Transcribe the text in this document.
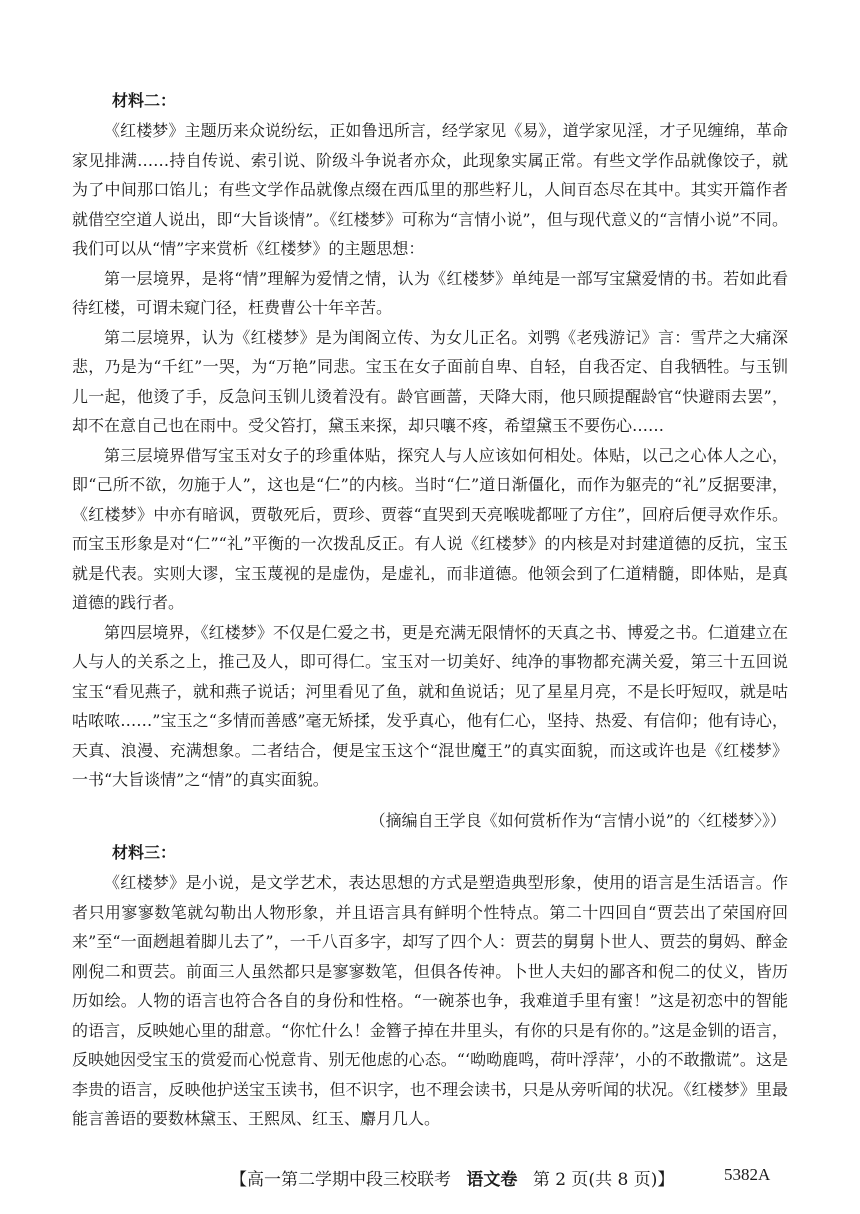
材料二：

《红楼梦》主题历来众说纷纭，正如鲁迅所言，经学家见《易》，道学家见淫，才子见缠绵，革命家见排满……持自传说、索引说、阶级斗争说者亦众，此现象实属正常。有些文学作品就像饺子，就为了中间那口馅儿；有些文学作品就像点缀在西瓜里的那些籽儿，人间百态尽在其中。其实开篇作者就借空空道人说出，即“大旨谈情”。《红楼梦》可称为“言情小说”，但与现代意义的“言情小说”不同。我们可以从“情”字来赏析《红楼梦》的主题思想：

第一层境界，是将“情”理解为爱情之情，认为《红楼梦》单纯是一部写宝黛爱情的书。若如此看待红楼，可谓未窥门径，枉费曹公十年辛苦。

第二层境界，认为《红楼梦》是为闺阁立传、为女儿正名。刘鹗《老残游记》言：雪芹之大痛深悲，乃是为“千红”一哭，为“万艳”同悲。宝玉在女子面前自卑、自轻，自我否定、自我牺牲。与玉钏儿一起，他烫了手，反急问玉钏儿烫着没有。龄官画蔷，天降大雨，他只顾提醒龄官“快避雨去罢”，却不在意自己也在雨中。受父笞打，黛玉来探，却只嚷不疼，希望黛玉不要伤心……

第三层境界借写宝玉对女子的珍重体贴，探究人与人应该如何相处。体贴，以己之心体人之心，即“己所不欲，勿施于人”，这也是“仁”的内核。当时“仁”道日渐僵化，而作为躯壳的“礼”反据要津，《红楼梦》中亦有暗讽，贾敬死后，贾珍、贾蓉“直哭到天亮喉咙都哑了方住”，回府后便寻欢作乐。而宝玉形象是对“仁”“礼”平衡的一次拨乱反正。有人说《红楼梦》的内核是对封建道德的反抗，宝玉就是代表。实则大谬，宝玉蔑视的是虚伪，是虚礼，而非道德。他领会到了仁道精髓，即体贴，是真道德的践行者。

第四层境界，《红楼梦》不仅是仁爱之书，更是充满无限情怀的天真之书、博爱之书。仁道建立在人与人的关系之上，推己及人，即可得仁。宝玉对一切美好、纯净的事物都充满关爱，第三十五回说宝玉“看见燕子，就和燕子说话；河里看见了鱼，就和鱼说话；见了星星月亮，不是长吁短叹，就是咕咕哝哝……”宝玉之“多情而善感”毫无矫揉，发乎真心，他有仁心，坚持、热爱、有信仰；他有诗心，天真、浪漫、充满想象。二者结合，便是宝玉这个“混世魔王”的真实面貌，而这或许也是《红楼梦》一书“大旨谈情”之“情”的真实面貌。

（摘编自王学良《如何赏析作为“言情小说”的〈红楼梦〉》）
材料三：

《红楼梦》是小说，是文学艺术，表达思想的方式是塑造典型形象，使用的语言是生活语言。作者只用寥寥数笔就勾勒出人物形象，并且语言具有鲜明个性特点。第二十四回自“贾芸出了荣国府回来”至“一面趔趄着脚儿去了”，一千八百多字，却写了四个人：贾芸的舅舅卜世人、贾芸的舅妈、醉金刚倪二和贾芸。前面三人虽然都只是寥寥数笔，但俱各传神。卜世人夫妇的鄙吝和倪二的仗义，皆历历如绘。人物的语言也符合各自的身份和性格。“一碗茶也争，我难道手里有蜜！”这是初恋中的智能的语言，反映她心里的甜意。“你忙什么！金簪子掉在井里头，有你的只是有你的。”这是金钏的语言，反映她因受宝玉的赏爱而心悦意肯、别无他虑的心态。“‘呦呦鹿鸣，荷叶浮萍’，小的不敢撒谎”。这是李贵的语言，反映他护送宝玉读书，但不识字，也不理会读书，只是从旁听闻的状况。《红楼梦》里最能言善语的要数林黛玉、王熙凤、红玉、麝月几人。

【高一第二学期中段三校联考 语文卷 第 2 页(共 8 页)】	5382A
